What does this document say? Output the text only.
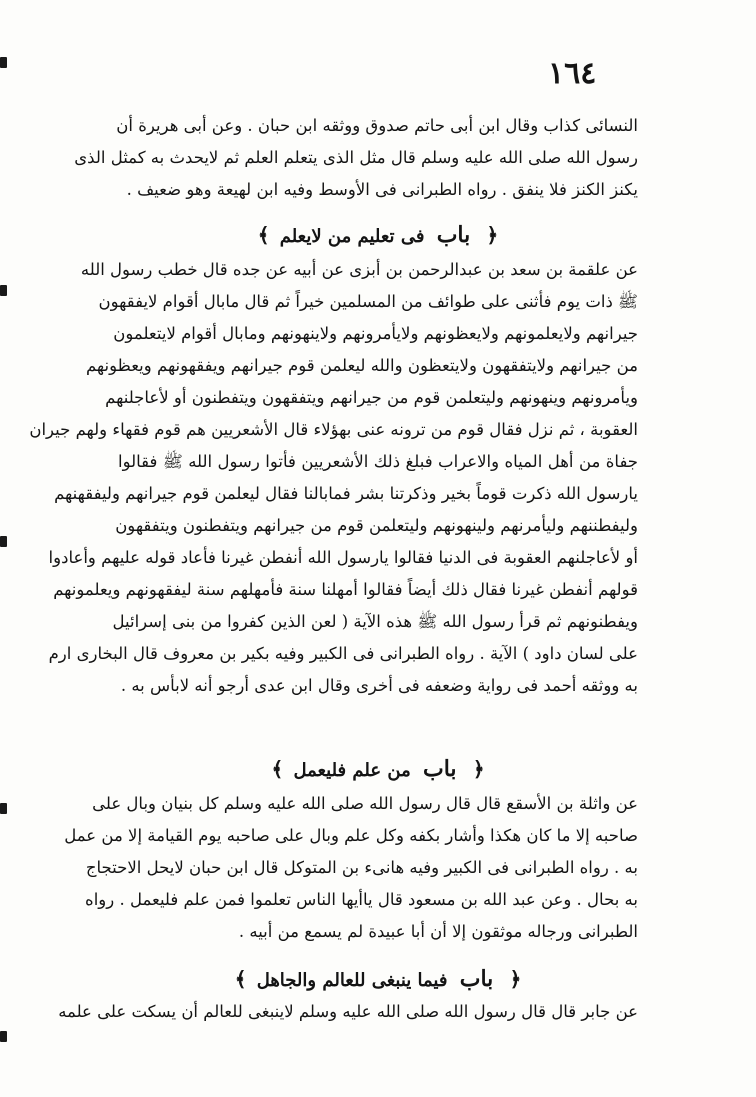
١٦٤
النسائى كذاب وقال ابن أبى حاتم صدوق ووثقه ابن حبان . وعن أبى هريرة أن
رسول الله صلى الله عليه وسلم قال مثل الذى يتعلم العلم ثم لايحدث به كمثل الذى
يكنز الكنز فلا ينفق . رواه الطبرانى فى الأوسط وفيه ابن لهيعة وهو ضعيف .
﴿ باب فى تعليم من لايعلم ﴾
عن علقمة بن سعد بن عبدالرحمن بن أبزى عن أبيه عن جده قال خطب رسول الله
ﷺ ذات يوم فأثنى على طوائف من المسلمين خيراً ثم قال مابال أقوام لايفقهون
جيرانهم ولايعلمونهم ولايعظونهم ولايأمرونهم ولاينهونهم ومابال أقوام لايتعلمون
من جيرانهم ولايتفقهون ولايتعظون والله ليعلمن قوم جيرانهم ويفقهونهم ويعظونهم
ويأمرونهم وينهونهم وليتعلمن قوم من جيرانهم ويتفقهون ويتفطنون أو لأعاجلنهم
العقوبة ، ثم نزل فقال قوم من ترونه عنى بهؤلاء قال الأشعريين هم قوم فقهاء ولهم جيران
جفاة من أهل المياه والاعراب فبلغ ذلك الأشعريين فأتوا رسول الله ﷺ فقالوا
يارسول الله ذكرت قوماً بخير وذكرتنا بشر فمابالنا فقال ليعلمن قوم جيرانهم وليفقهنهم
وليفطننهم وليأمرنهم ولينهونهم وليتعلمن قوم من جيرانهم ويتفطنون ويتفقهون
أو لأعاجلنهم العقوبة فى الدنيا فقالوا يارسول الله أنفطن غيرنا فأعاد قوله عليهم وأعادوا
قولهم أنفطن غيرنا فقال ذلك أيضاً فقالوا أمهلنا سنة فأمهلهم سنة ليفقهونهم ويعلمونهم
ويفطنونهم ثم قرأ رسول الله ﷺ هذه الآية ( لعن الذين كفروا من بنى إسرائيل
على لسان داود ) الآية . رواه الطبرانى فى الكبير وفيه بكير بن معروف قال البخارى ارم
به ووثقه أحمد فى رواية وضعفه فى أخرى وقال ابن عدى أرجو أنه لابأس به .
﴿ باب من علم فليعمل ﴾
عن واثلة بن الأسقع قال قال رسول الله صلى الله عليه وسلم كل بنيان وبال على
صاحبه إلا ما كان هكذا وأشار بكفه وكل علم وبال على صاحبه يوم القيامة إلا من عمل
به . رواه الطبرانى فى الكبير وفيه هانىء بن المتوكل قال ابن حبان لايحل الاحتجاج
به بحال . وعن عبد الله بن مسعود قال ياأيها الناس تعلموا فمن علم فليعمل . رواه
الطبرانى ورجاله موثقون إلا أن أبا عبيدة لم يسمع من أبيه .
﴿ باب فيما ينبغى للعالم والجاهل ﴾
عن جابر قال قال رسول الله صلى الله عليه وسلم لاينبغى للعالم أن يسكت على علمه
